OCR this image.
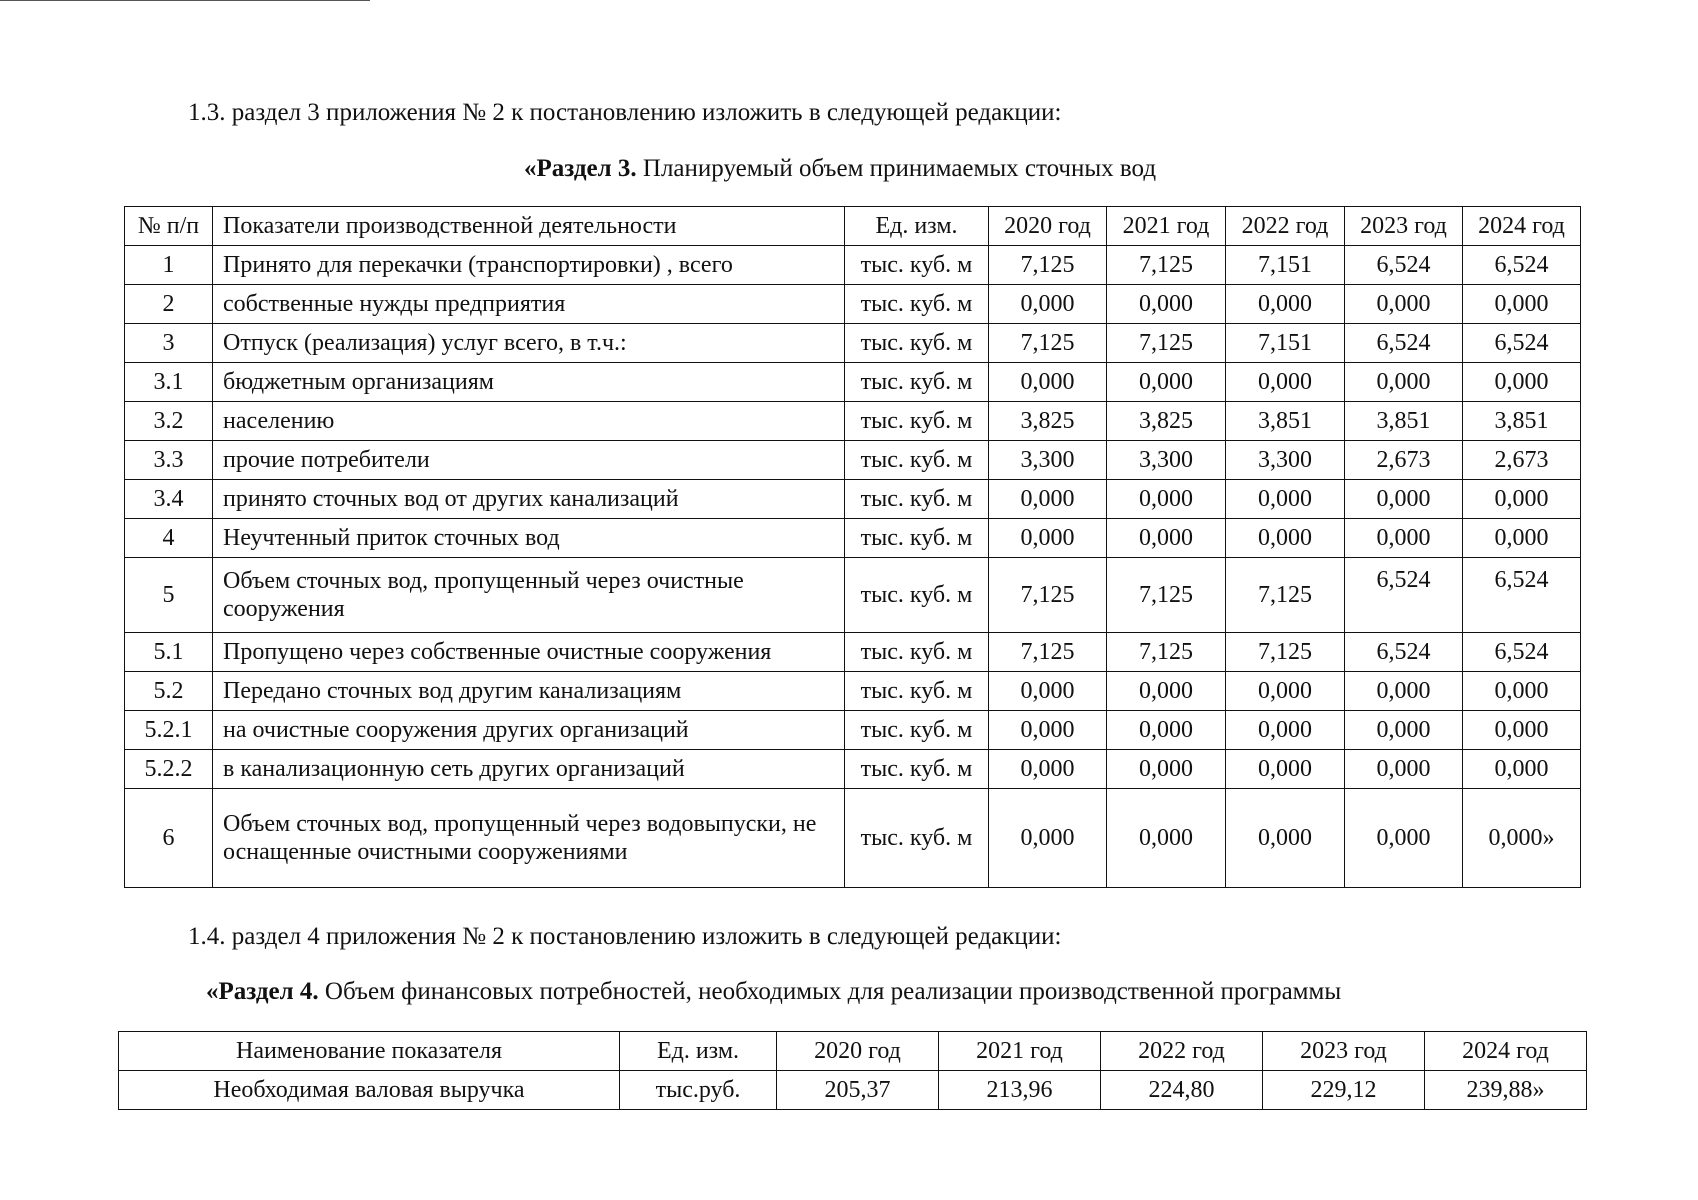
1.3. раздел 3 приложения № 2 к постановлению изложить в следующей редакции:
«Раздел 3. Планируемый объем принимаемых сточных вод
№ п/п	Показатели производственной деятельности	Ед. изм.	2020 год	2021 год	2022 год	2023 год	2024 год
1	Принято для перекачки (транспортировки) , всего	тыс. куб. м	7,125	7,125	7,151	6,524	6,524
2	собственные нужды предприятия	тыс. куб. м	0,000	0,000	0,000	0,000	0,000
3	Отпуск (реализация) услуг всего, в т.ч.:	тыс. куб. м	7,125	7,125	7,151	6,524	6,524
3.1	бюджетным организациям	тыс. куб. м	0,000	0,000	0,000	0,000	0,000
3.2	населению	тыс. куб. м	3,825	3,825	3,851	3,851	3,851
3.3	прочие потребители	тыс. куб. м	3,300	3,300	3,300	2,673	2,673
3.4	принято сточных вод от других канализаций	тыс. куб. м	0,000	0,000	0,000	0,000	0,000
4	Неучтенный приток сточных вод	тыс. куб. м	0,000	0,000	0,000	0,000	0,000
5	Объем сточных вод, пропущенный через очистные сооружения	тыс. куб. м	7,125	7,125	7,125	6,524	6,524
5.1	Пропущено через собственные очистные сооружения	тыс. куб. м	7,125	7,125	7,125	6,524	6,524
5.2	Передано сточных вод другим канализациям	тыс. куб. м	0,000	0,000	0,000	0,000	0,000
5.2.1	на очистные сооружения других организаций	тыс. куб. м	0,000	0,000	0,000	0,000	0,000
5.2.2	в канализационную сеть других организаций	тыс. куб. м	0,000	0,000	0,000	0,000	0,000
6	Объем сточных вод, пропущенный через водовыпуски, не оснащенные очистными сооружениями	тыс. куб. м	0,000	0,000	0,000	0,000	0,000»
1.4. раздел 4 приложения № 2 к постановлению изложить в следующей редакции:
«Раздел 4. Объем финансовых потребностей, необходимых для реализации производственной программы
Наименование показателя	Ед. изм.	2020 год	2021 год	2022 год	2023 год	2024 год
Необходимая валовая выручка	тыс.руб.	205,37	213,96	224,80	229,12	239,88»
